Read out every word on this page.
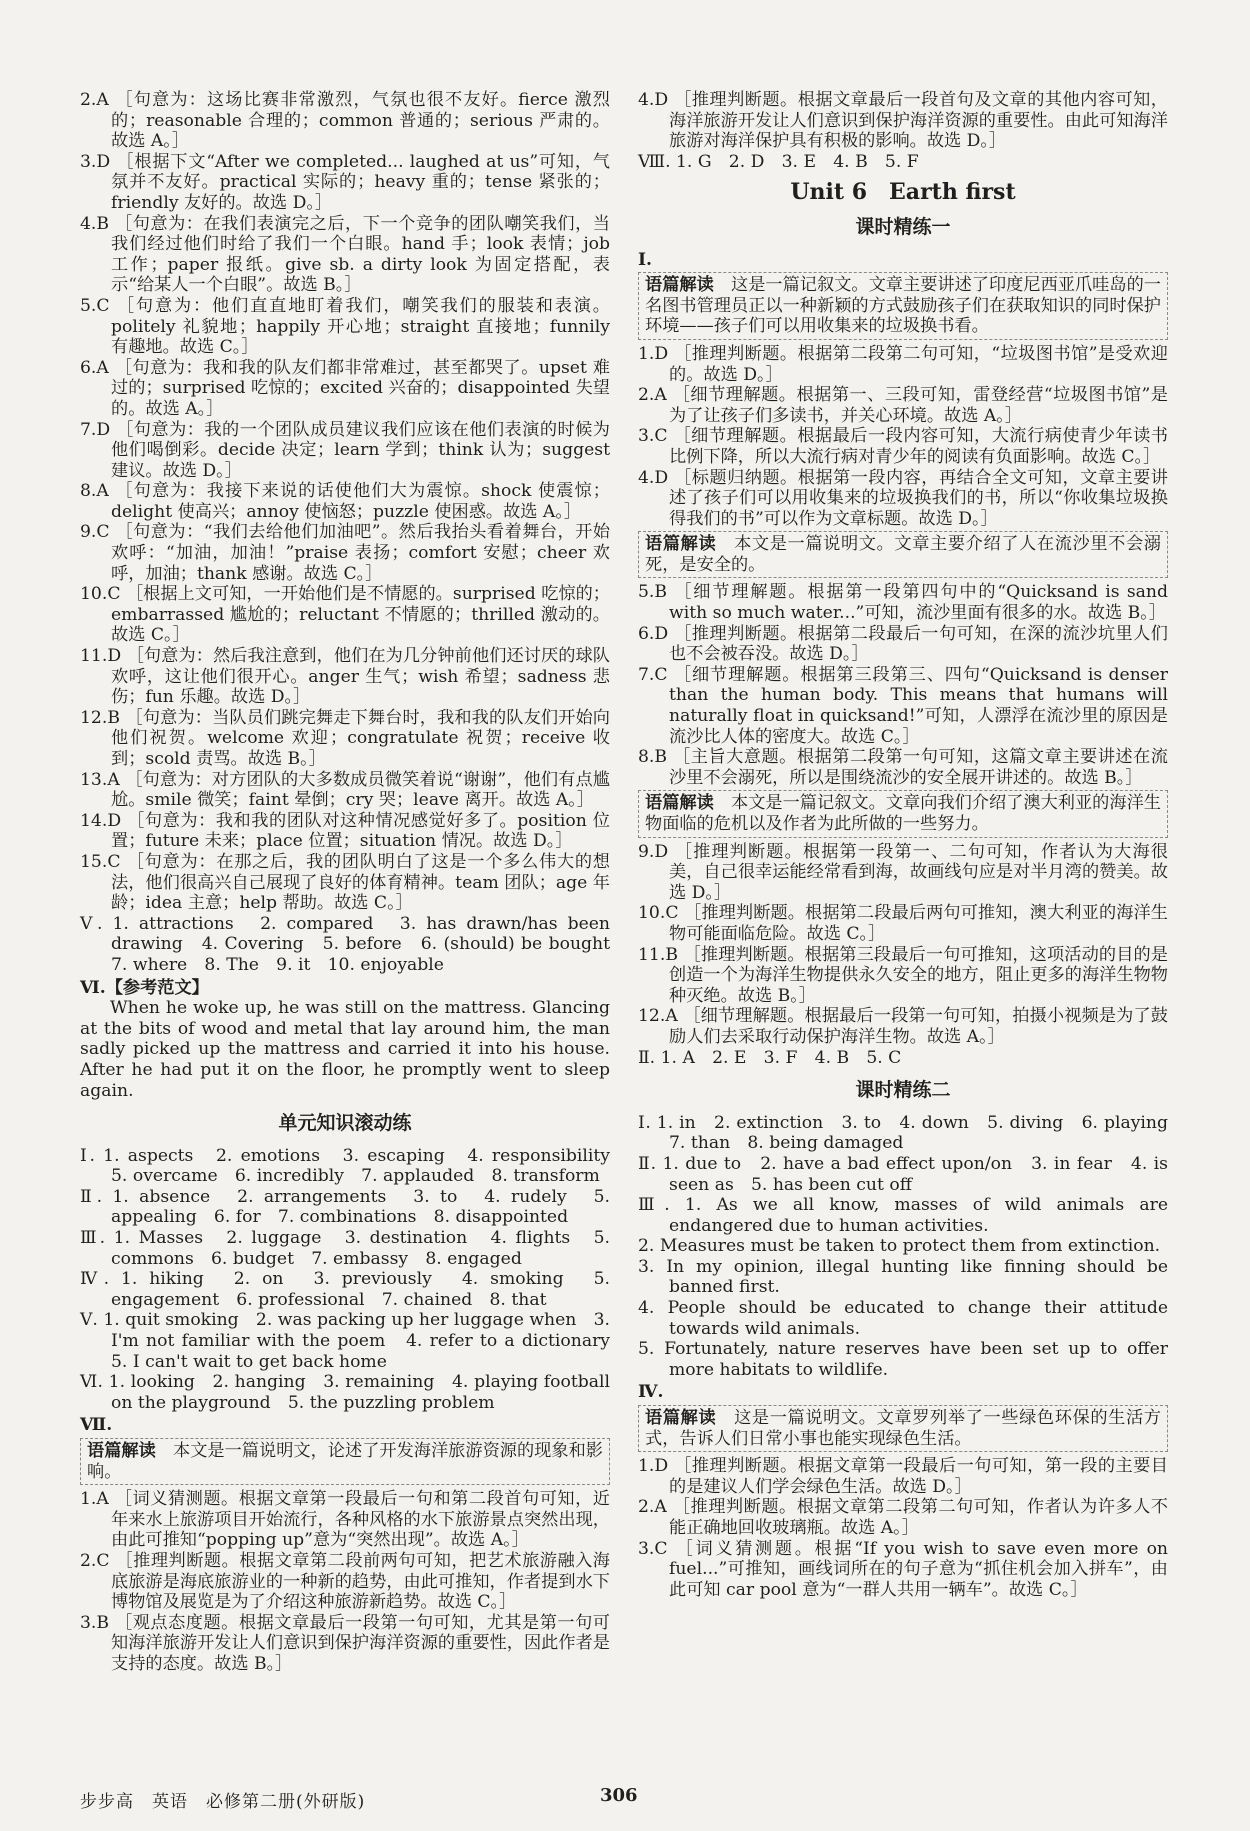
2.A ［句意为：这场比赛非常激烈，气氛也很不友好。fierce 激烈的；reasonable 合理的；common 普通的；serious 严肃的。故选 A。］

3.D ［根据下文“After we completed... laughed at us”可知，气氛并不友好。practical 实际的；heavy 重的；tense 紧张的；friendly 友好的。故选 D。］

4.B ［句意为：在我们表演完之后，下一个竞争的团队嘲笑我们，当我们经过他们时给了我们一个白眼。hand 手；look 表情；job 工作；paper 报纸。give sb. a dirty look 为固定搭配，表示“给某人一个白眼”。故选 B。］

5.C ［句意为：他们直直地盯着我们，嘲笑我们的服装和表演。politely 礼貌地；happily 开心地；straight 直接地；funnily 有趣地。故选 C。］

6.A ［句意为：我和我的队友们都非常难过，甚至都哭了。upset 难过的；surprised 吃惊的；excited 兴奋的；disappointed 失望的。故选 A。］

7.D ［句意为：我的一个团队成员建议我们应该在他们表演的时候为他们喝倒彩。decide 决定；learn 学到；think 认为；suggest 建议。故选 D。］

8.A ［句意为：我接下来说的话使他们大为震惊。shock 使震惊；delight 使高兴；annoy 使恼怒；puzzle 使困惑。故选 A。］

9.C ［句意为：“我们去给他们加油吧”。然后我抬头看着舞台，开始欢呼：“加油，加油！”praise 表扬；comfort 安慰；cheer 欢呼，加油；thank 感谢。故选 C。］

10.C ［根据上文可知，一开始他们是不情愿的。surprised 吃惊的；embarrassed 尴尬的；reluctant 不情愿的；thrilled 激动的。故选 C。］

11.D ［句意为：然后我注意到，他们在为几分钟前他们还讨厌的球队欢呼，这让他们很开心。anger 生气；wish 希望；sadness 悲伤；fun 乐趣。故选 D。］

12.B ［句意为：当队员们跳完舞走下舞台时，我和我的队友们开始向他们祝贺。welcome 欢迎；congratulate 祝贺；receive 收到；scold 责骂。故选 B。］

13.A ［句意为：对方团队的大多数成员微笑着说“谢谢”，他们有点尴尬。smile 微笑；faint 晕倒；cry 哭；leave 离开。故选 A。］

14.D ［句意为：我和我的团队对这种情况感觉好多了。position 位置；future 未来；place 位置；situation 情况。故选 D。］

15.C ［句意为：在那之后，我的团队明白了这是一个多么伟大的想法，他们很高兴自己展现了良好的体育精神。team 团队；age 年龄；idea 主意；help 帮助。故选 C。］

Ⅴ. 1. attractions　2. compared　3. has drawn/has been drawing　4. Covering　5. before　6. (should) be bought　7. where　8. The　9. it　10. enjoyable

Ⅵ.【参考范文】

When he woke up, he was still on the mattress. Glancing at the bits of wood and metal that lay around him, the man sadly picked up the mattress and carried it into his house. After he had put it on the floor, he promptly went to sleep again.

单元知识滚动练

Ⅰ. 1. aspects　2. emotions　3. escaping　4. responsibility　5. overcame　6. incredibly　7. applauded　8. transform

Ⅱ. 1. absence　2. arrangements　3. to　4. rudely　5. appealing　6. for　7. combinations　8. disappointed

Ⅲ. 1. Masses　2. luggage　3. destination　4. flights　5. commons　6. budget　7. embassy　8. engaged

Ⅳ. 1. hiking　2. on　3. previously　4. smoking　5. engagement　6. professional　7. chained　8. that

Ⅴ. 1. quit smoking　2. was packing up her luggage when　3. I'm not familiar with the poem　4. refer to a dictionary　5. I can't wait to get back home

Ⅵ. 1. looking　2. hanging　3. remaining　4. playing football on the playground　5. the puzzling problem

Ⅶ.

语篇解读　 本文是一篇说明文，论述了开发海洋旅游资源的现象和影响。

1.A ［词义猜测题。根据文章第一段最后一句和第二段首句可知，近年来水上旅游项目开始流行，各种风格的水下旅游景点突然出现，由此可推知“popping up”意为“突然出现”。故选 A。］

2.C ［推理判断题。根据文章第二段前两句可知，把艺术旅游融入海底旅游是海底旅游业的一种新的趋势，由此可推知，作者提到水下博物馆及展览是为了介绍这种旅游新趋势。故选 C。］

3.B ［观点态度题。根据文章最后一段第一句可知，尤其是第一句可知海洋旅游开发让人们意识到保护海洋资源的重要性，因此作者是支持的态度。故选 B。］

4.D ［推理判断题。根据文章最后一段首句及文章的其他内容可知，海洋旅游开发让人们意识到保护海洋资源的重要性。由此可知海洋旅游对海洋保护具有积极的影响。故选 D。］

Ⅷ. 1. G　2. D　3. E　4. B　5. F

Unit 6　Earth first
课时精练一

Ⅰ.

语篇解读　 这是一篇记叙文。文章主要讲述了印度尼西亚爪哇岛的一名图书管理员正以一种新颖的方式鼓励孩子们在获取知识的同时保护环境——孩子们可以用收集来的垃圾换书看。

1.D ［推理判断题。根据第二段第二句可知，“垃圾图书馆”是受欢迎的。故选 D。］

2.A ［细节理解题。根据第一、三段可知，雷登经营“垃圾图书馆”是为了让孩子们多读书，并关心环境。故选 A。］

3.C ［细节理解题。根据最后一段内容可知，大流行病使青少年读书比例下降，所以大流行病对青少年的阅读有负面影响。故选 C。］

4.D ［标题归纳题。根据第一段内容，再结合全文可知，文章主要讲述了孩子们可以用收集来的垃圾换我们的书，所以“你收集垃圾换得我们的书”可以作为文章标题。故选 D。］

语篇解读　 本文是一篇说明文。文章主要介绍了人在流沙里不会溺死，是安全的。

5.B ［细节理解题。根据第一段第四句中的“Quicksand is sand with so much water...”可知，流沙里面有很多的水。故选 B。］

6.D ［推理判断题。根据第二段最后一句可知，在深的流沙坑里人们也不会被吞没。故选 D。］

7.C ［细节理解题。根据第三段第三、四句“Quicksand is denser than the human body. This means that humans will naturally float in quicksand!”可知，人漂浮在流沙里的原因是流沙比人体的密度大。故选 C。］

8.B ［主旨大意题。根据第二段第一句可知，这篇文章主要讲述在流沙里不会溺死，所以是围绕流沙的安全展开讲述的。故选 B。］

语篇解读　 本文是一篇记叙文。文章向我们介绍了澳大利亚的海洋生物面临的危机以及作者为此所做的一些努力。

9.D ［推理判断题。根据第一段第一、二句可知，作者认为大海很美，自己很幸运能经常看到海，故画线句应是对半月湾的赞美。故选 D。］

10.C ［推理判断题。根据第二段最后两句可推知，澳大利亚的海洋生物可能面临危险。故选 C。］

11.B ［推理判断题。根据第三段最后一句可推知，这项活动的目的是创造一个为海洋生物提供永久安全的地方，阻止更多的海洋生物物种灭绝。故选 B。］

12.A ［细节理解题。根据最后一段第一句可知，拍摄小视频是为了鼓励人们去采取行动保护海洋生物。故选 A。］

Ⅱ. 1. A　2. E　3. F　4. B　5. C

课时精练二

Ⅰ. 1. in　2. extinction　3. to　4. down　5. diving　6. playing　7. than　8. being damaged

Ⅱ. 1. due to　2. have a bad effect upon/on　3. in fear　4. is seen as　5. has been cut off

Ⅲ. 1. As we all know, masses of wild animals are endangered due to human activities.

2. Measures must be taken to protect them from extinction.

3. In my opinion, illegal hunting like finning should be banned first.

4. People should be educated to change their attitude towards wild animals.

5. Fortunately, nature reserves have been set up to offer more habitats to wildlife.

Ⅳ.

语篇解读　 这是一篇说明文。文章罗列举了一些绿色环保的生活方式，告诉人们日常小事也能实现绿色生活。

1.D ［推理判断题。根据文章第一段最后一句可知，第一段的主要目的是建议人们学会绿色生活。故选 D。］

2.A ［推理判断题。根据文章第二段第二句可知，作者认为许多人不能正确地回收玻璃瓶。故选 A。］

3.C ［词义猜测题。根据“If you wish to save even more on fuel...”可推知，画线词所在的句子意为“抓住机会加入拼车”，由此可知 car pool 意为“一群人共用一辆车”。故选 C。］

步步高　英语　必修第二册(外研版)	306
